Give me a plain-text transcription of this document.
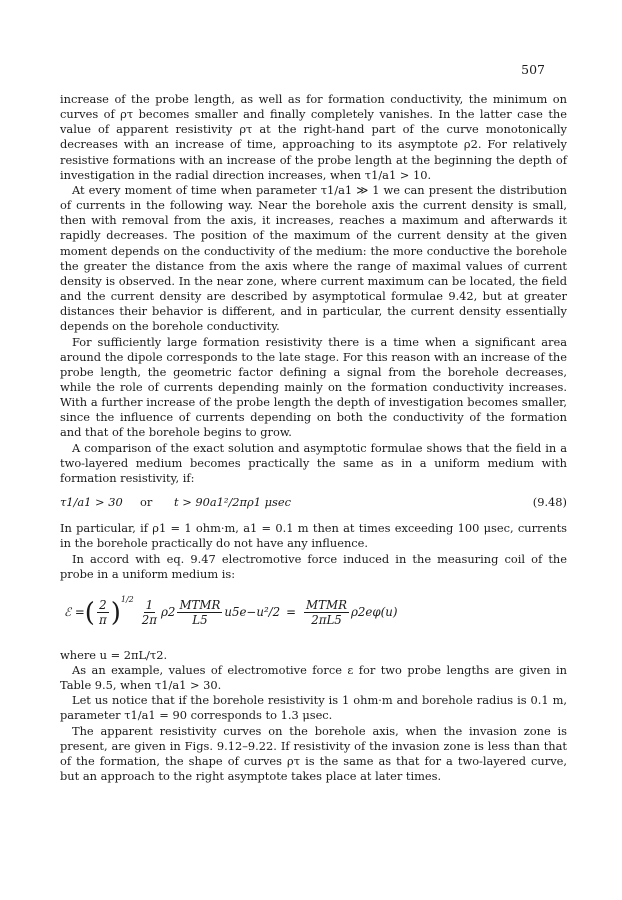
507

increase of the probe length, as well as for formation conductivity, the minimum on curves of ρτ becomes smaller and finally completely vanishes. In the latter case the value of apparent resistivity ρτ at the right-hand part of the curve monotonically decreases with an increase of time, approaching to its asymptote ρ2. For relatively resistive formations with an increase of the probe length at the beginning the depth of investigation in the radial direction increases, when τ1/a1 > 10.

At every moment of time when parameter τ1/a1 ≫ 1 we can present the distribution of currents in the following way. Near the borehole axis the current density is small, then with removal from the axis, it increases, reaches a maximum and afterwards it rapidly decreases. The position of the maximum of the current density at the given moment depends on the conductivity of the medium: the more conductive the borehole the greater the distance from the axis where the range of maximal values of current density is observed. In the near zone, where current maximum can be located, the field and the current density are described by asymptotical formulae 9.42, but at greater distances their behavior is different, and in particular, the current density essentially depends on the borehole conductivity.

For sufficiently large formation resistivity there is a time when a significant area around the dipole corresponds to the late stage. For this reason with an increase of the probe length, the geometric factor defining a signal from the borehole decreases, while the role of currents depending mainly on the formation conductivity increases. With a further increase of the probe length the depth of investigation becomes smaller, since the influence of currents depending on both the conductivity of the formation and that of the borehole begins to grow.

A comparison of the exact solution and asymptotic formulae shows that the field in a two-layered medium becomes practically the same as in a uniform medium with formation resistivity, if:

τ1/a1 > 30	or	t > 90a1²/2πρ1 μsec	(9.48)

In particular, if ρ1 = 1 ohm·m, a1 = 0.1 m then at times exceeding 100 μsec, currents in the borehole practically do not have any influence.

In accord with eq. 9.47 electromotive force induced in the measuring coil of the probe in a uniform medium is:

ℰ = ( $\frac{2}{\pi} )^{1/2} \frac{1}{2\pi} \rho 2 \frac{\text{MTMR}}{L5} u5e-u^2/2 = \frac{\text{MTMR}}{2\pi L5} \rho 2e\varphi(u)$

where u = 2πL/τ2.

As an example, values of electromotive force ε for two probe lengths are given in Table 9.5, when τ1/a1 > 30.

Let us notice that if the borehole resistivity is 1 ohm·m and borehole radius is 0.1 m, parameter τ1/a1 = 90 corresponds to 1.3 μsec.

The apparent resistivity curves on the borehole axis, when the invasion zone is present, are given in Figs. 9.12–9.22. If resistivity of the invasion zone is less than that of the formation, the shape of curves ρτ is the same as that for a two-layered curve, but an approach to the right asymptote takes place at later times.
